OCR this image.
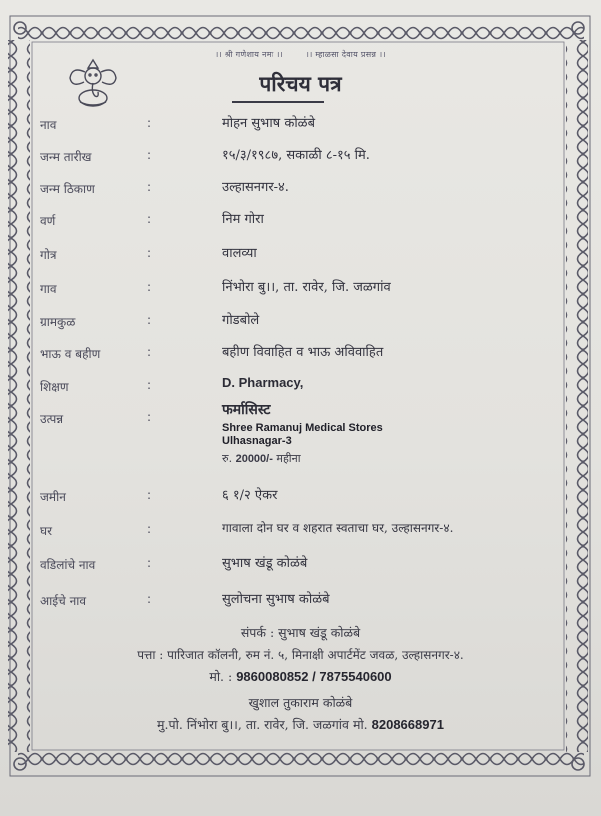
।। श्री गणेशाय नमः ।।	।। म्हाळसा देवाय प्रसन्न ।।
परिचय पत्र
नाव	:	मोहन सुभाष कोळंबे
जन्म तारीख	:	१५/३/१९८७, सकाळी ८-१५ मि.
जन्म ठिकाण	:	उल्हासनगर-४.
वर्ण	:	निम गोरा
गोत्र	:	वालव्या
गाव	:	निंभोरा बु।।, ता. रावेर, जि. जळगांव
ग्रामकुळ	:	गोडबोले
भाऊ व बहीण	:	बहीण विवाहित व भाऊ अविवाहित
शिक्षण	:	D. Pharmacy,
उत्पन्न	:	फर्मासिस्ट
Shree Ramanuj Medical Stores
Ulhasnagar-3
रु. 20000/- महीना
जमीन	:	६ १/२ ऐकर
घर	:	गावाला दोन घर व शहरात स्वताचा घर, उल्हासनगर-४.
वडिलांचे नाव	:	सुभाष खंडू कोळंबे
आईचे नाव	:	सुलोचना सुभाष कोळंबे
संपर्क : सुभाष खंडू कोळंबे
पत्ता : पारिजात कॉलनी, रुम नं. ५, मिनाक्षी अपार्टमेंट जवळ, उल्हासनगर-४.
मो. : 9860080852 / 7875540600
खुशाल तुकाराम कोळंबे
मु.पो. निंभोरा बु।।, ता. रावेर, जि. जळगांव मो. 8208668971
